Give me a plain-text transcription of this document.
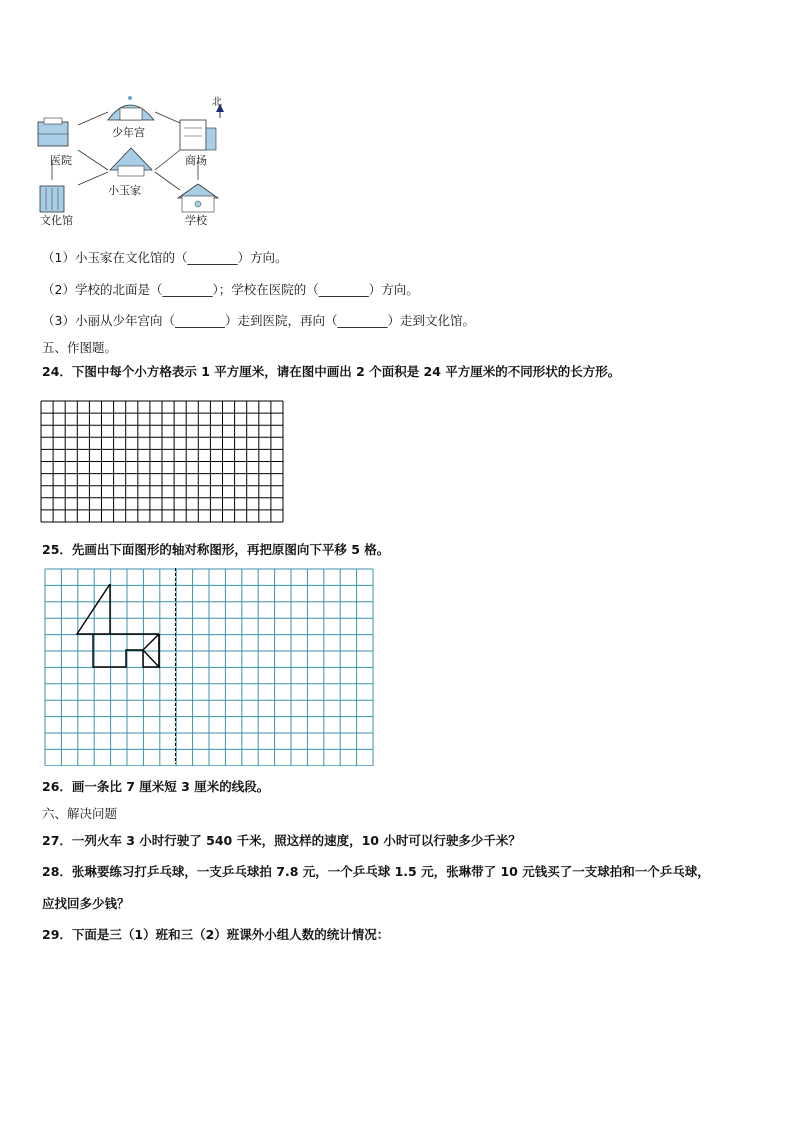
北
少年宫
医院	商场
小玉家
文化馆	学校
（1）小玉家在文化馆的（________）方向。
（2）学校的北面是（________）；学校在医院的（________）方向。
（3）小丽从少年宫向（________）走到医院，再向（________）走到文化馆。
五、作图题。
24．下图中每个小方格表示 1 平方厘米，请在图中画出 2 个面积是 24 平方厘米的不同形状的长方形。
25．先画出下面图形的轴对称图形，再把原图向下平移 5 格。
26．画一条比 7 厘米短 3 厘米的线段。
六、解决问题
27．一列火车 3 小时行驶了 540 千米，照这样的速度，10 小时可以行驶多少千米？
28．张琳要练习打乒乓球，一支乒乓球拍 7.8 元，一个乒乓球 1.5 元，张琳带了 10 元钱买了一支球拍和一个乒乓球，
应找回多少钱？
29．下面是三（1）班和三（2）班课外小组人数的统计情况：
